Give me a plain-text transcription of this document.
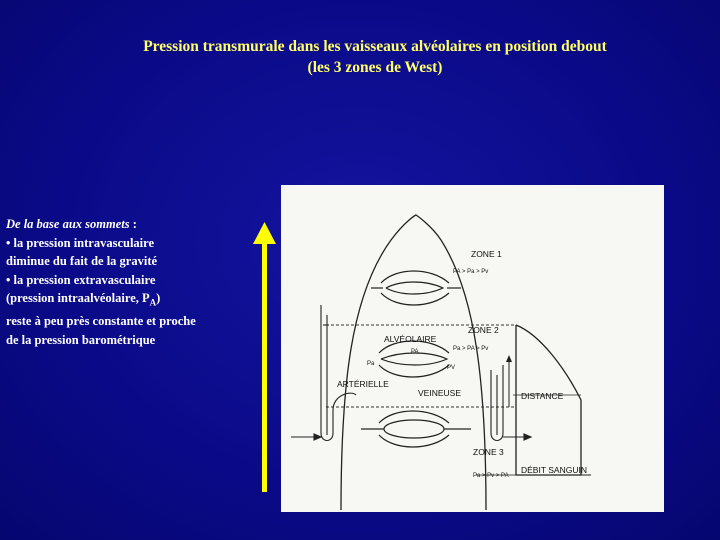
Pression transmurale dans les vaisseaux alvéolaires en position debout
(les 3 zones de West)
De la base aux sommets :
• la pression intravasculaire
diminue du fait de la gravité
• la pression extravasculaire
(pression intraalvéolaire, $P_A$)
reste à peu près constante et proche
de la pression barométrique
ZONE 1
PA > Pa > Pv
ZONE 2
Pa > PA > Pv
ALVÉOLAIRE
PA
Pa
PV
ARTÉRIELLE
VEINEUSE	DISTANCE
ZONE 3
Pa > Pv > PA
DÉBIT SANGUIN
